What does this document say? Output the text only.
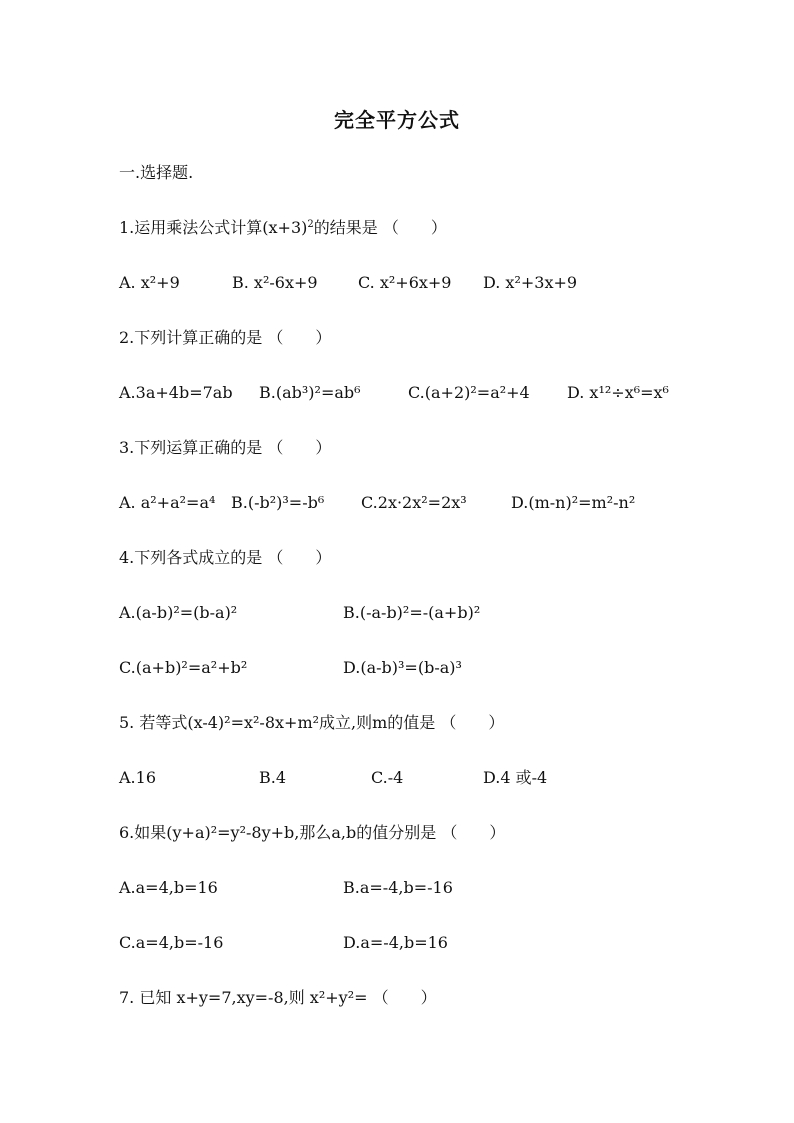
完全平方公式
一.选择题.
1.运用乘法公式计算$(x+3)^2$的结果是 （　　）
A. x²+9	B. x²-6x+9	C. x²+6x+9 D. x²+3x+9
2.下列计算正确的是 （　　）
A.3a+4b=7ab B.(ab³)²=ab⁶	C.(a+2)²=a²+4 D. x¹²÷x⁶=x⁶
3.下列运算正确的是 （　　）
A. a²+a²=a⁴ B.(-b²)³=-b⁶ C.2x·2x²=2x³	D.(m-n)²=m²-n²
4.下列各式成立的是 （　　）
A.(a-b)²=(b-a)²	B.(-a-b)²=-(a+b)²
C.(a+b)²=a²+b²	D.(a-b)³=(b-a)³
5. 若等式(x-4)²=x²-8x+m²成立,则m的值是 （　　）
A.16	B.4	C.-4	D.4 或-4
6.如果(y+a)²=y²-8y+b,那么a,b的值分别是 （　　）
A.a=4,b=16	B.a=-4,b=-16
C.a=4,b=-16	D.a=-4,b=16
7. 已知 x+y=7,xy=-8,则 x²+y²= （　　）
